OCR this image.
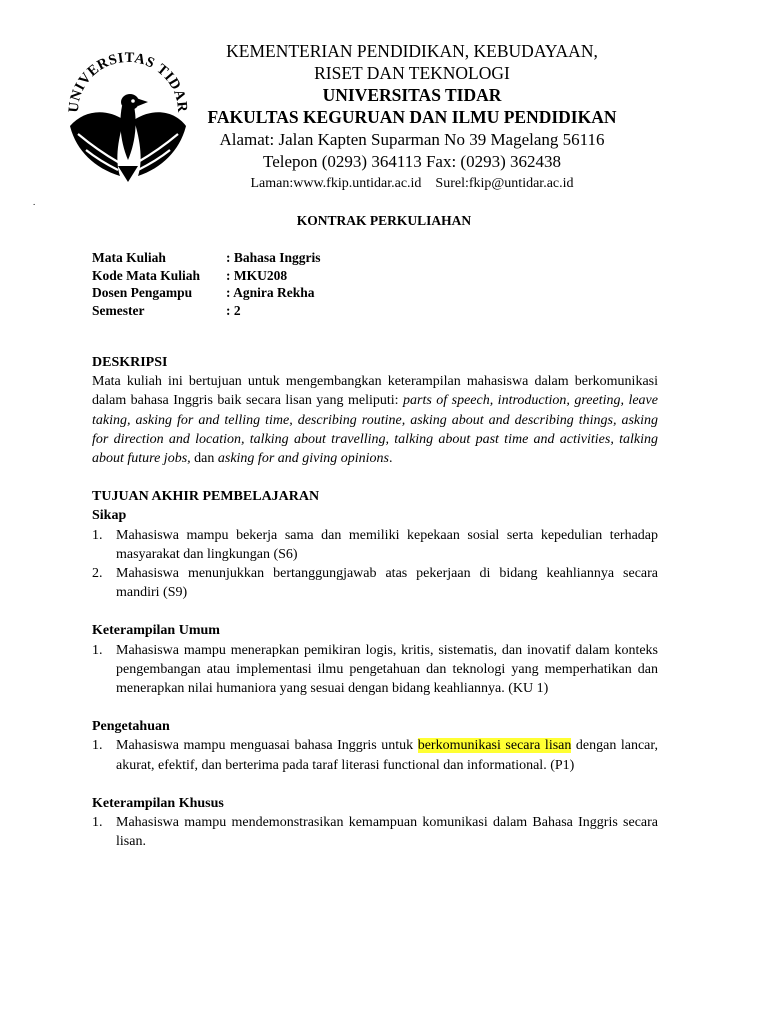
UNIVERSITAS TIDAR
KEMENTERIAN PENDIDIKAN, KEBUDAYAAN,
RISET DAN TEKNOLOGI
UNIVERSITAS TIDAR
FAKULTAS KEGURUAN DAN ILMU PENDIDIKAN
Alamat: Jalan Kapten Suparman No 39 Magelang 56116
Telepon (0293) 364113 Fax: (0293) 362438
Laman:www.fkip.untidar.ac.id Surel:fkip@untidar.ac.id
.
KONTRAK PERKULIAHAN
Mata Kuliah	: Bahasa Inggris
Kode Mata Kuliah	: MKU208
Dosen Pengampu	: Agnira Rekha
Semester	: 2
DESKRIPSI
Mata kuliah ini bertujuan untuk mengembangkan keterampilan mahasiswa dalam berkomunikasi dalam bahasa Inggris baik secara lisan yang meliputi: parts of speech, introduction, greeting, leave taking, asking for and telling time, describing routine, asking about and describing things, asking for direction and location, talking about travelling, talking about past time and activities, talking about future jobs, dan asking for and giving opinions.
TUJUAN AKHIR PEMBELAJARAN
Sikap
1. Mahasiswa mampu bekerja sama dan memiliki kepekaan sosial serta kepedulian terhadap masyarakat dan lingkungan (S6)
2. Mahasiswa menunjukkan bertanggungjawab atas pekerjaan di bidang keahliannya secara mandiri (S9)
Keterampilan Umum
1. Mahasiswa mampu menerapkan pemikiran logis, kritis, sistematis, dan inovatif dalam konteks pengembangan atau implementasi ilmu pengetahuan dan teknologi yang memperhatikan dan menerapkan nilai humaniora yang sesuai dengan bidang keahliannya. (KU 1)
Pengetahuan
1. Mahasiswa mampu menguasai bahasa Inggris untuk berkomunikasi secara lisan dengan lancar, akurat, efektif, dan berterima pada taraf literasi functional dan informational. (P1)
Keterampilan Khusus
1. Mahasiswa mampu mendemonstrasikan kemampuan komunikasi dalam Bahasa Inggris secara lisan.
